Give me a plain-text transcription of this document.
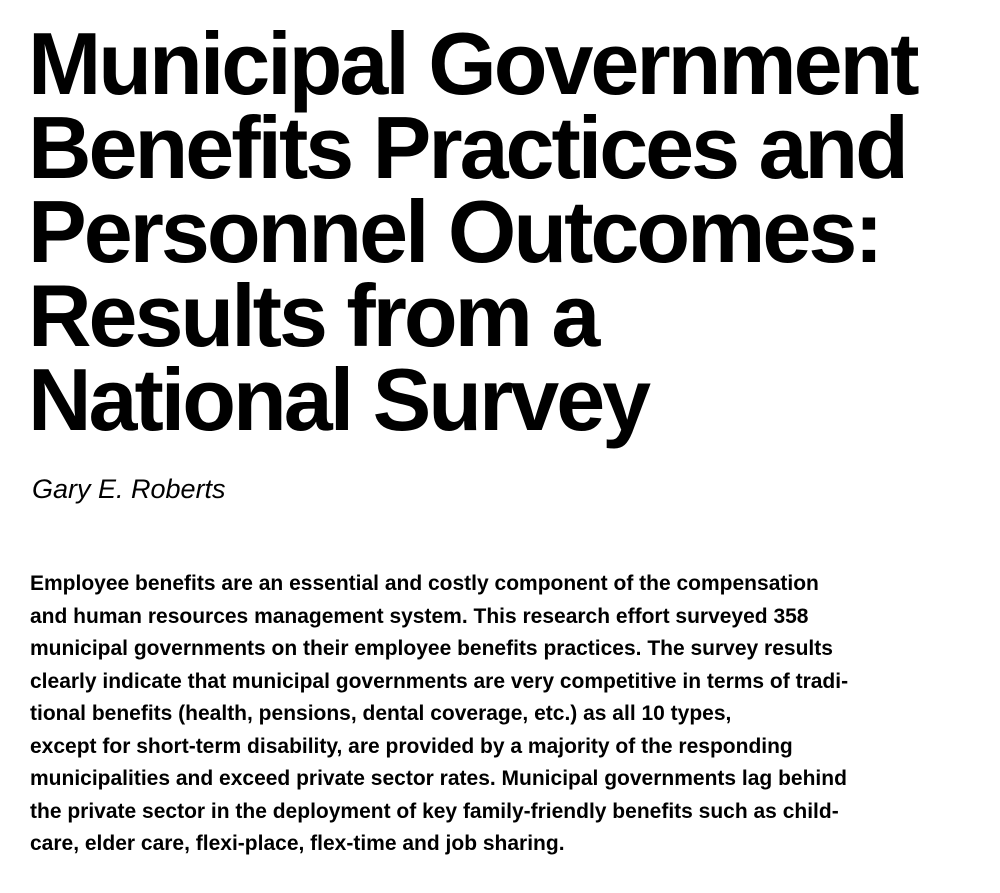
Municipal Government
Benefits Practices and
Personnel Outcomes:
Results from a
National Survey

Gary E. Roberts

Employee benefits are an essential and costly component of the compensation
and human resources management system. This research effort surveyed 358
municipal governments on their employee benefits practices. The survey results
clearly indicate that municipal governments are very competitive in terms of tradi-
tional benefits (health, pensions, dental coverage, etc.) as all 10 types,
except for short-term disability, are provided by a majority of the responding
municipalities and exceed private sector rates. Municipal governments lag behind
the private sector in the deployment of key family-friendly benefits such as child-
care, elder care, flexi-place, flex-time and job sharing.
